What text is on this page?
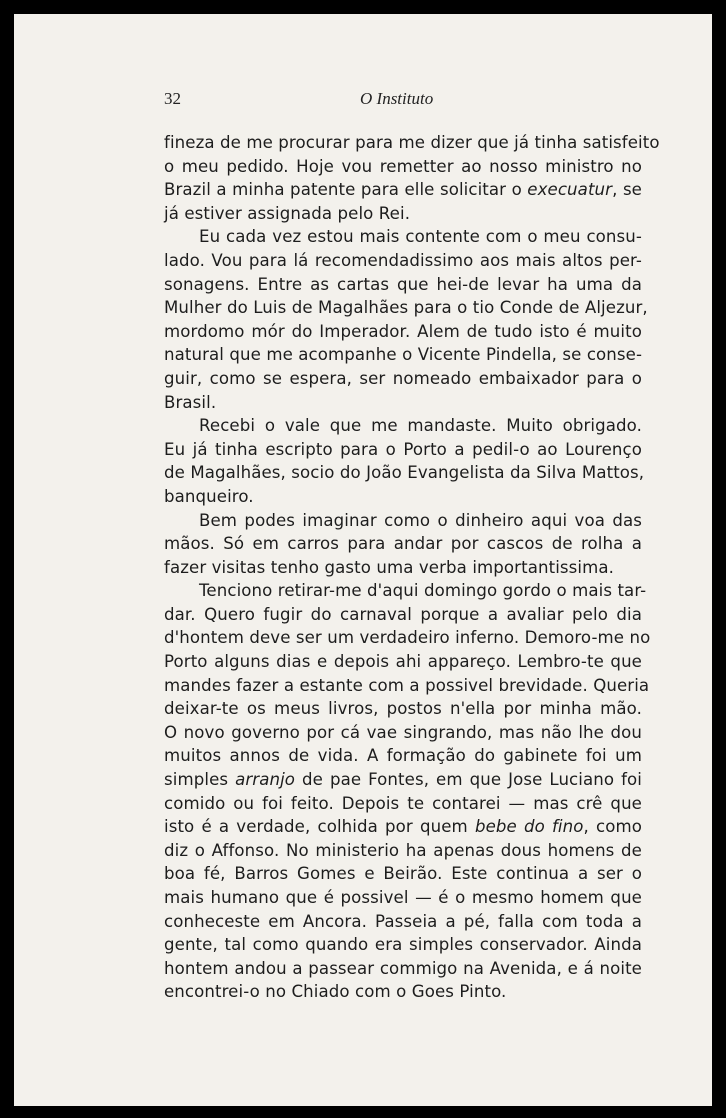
32	O Instituto
fineza de me procurar para me dizer que já tinha satisfeito
o meu pedido. Hoje vou remetter ao nosso ministro no
Brazil a minha patente para elle solicitar o execuatur, se
já estiver assignada pelo Rei.
Eu cada vez estou mais contente com o meu consu-
lado. Vou para lá recomendadissimo aos mais altos per-
sonagens. Entre as cartas que hei-de levar ha uma da
Mulher do Luis de Magalhães para o tio Conde de Aljezur,
mordomo mór do Imperador. Alem de tudo isto é muito
natural que me acompanhe o Vicente Pindella, se conse-
guir, como se espera, ser nomeado embaixador para o
Brasil.
Recebi o vale que me mandaste. Muito obrigado.
Eu já tinha escripto para o Porto a pedil-o ao Lourenço
de Magalhães, socio do João Evangelista da Silva Mattos,
banqueiro.
Bem podes imaginar como o dinheiro aqui voa das
mãos. Só em carros para andar por cascos de rolha a
fazer visitas tenho gasto uma verba importantissima.
Tenciono retirar-me d'aqui domingo gordo o mais tar-
dar. Quero fugir do carnaval porque a avaliar pelo dia
d'hontem deve ser um verdadeiro inferno. Demoro-me no
Porto alguns dias e depois ahi appareço. Lembro-te que
mandes fazer a estante com a possivel brevidade. Queria
deixar-te os meus livros, postos n'ella por minha mão.
O novo governo por cá vae singrando, mas não lhe dou
muitos annos de vida. A formação do gabinete foi um
simples arranjo de pae Fontes, em que Jose Luciano foi
comido ou foi feito. Depois te contarei — mas crê que
isto é a verdade, colhida por quem bebe do fino, como
diz o Affonso. No ministerio ha apenas dous homens de
boa fé, Barros Gomes e Beirão. Este continua a ser o
mais humano que é possivel — é o mesmo homem que
conheceste em Ancora. Passeia a pé, falla com toda a
gente, tal como quando era simples conservador. Ainda
hontem andou a passear commigo na Avenida, e á noite
encontrei-o no Chiado com o Goes Pinto.
